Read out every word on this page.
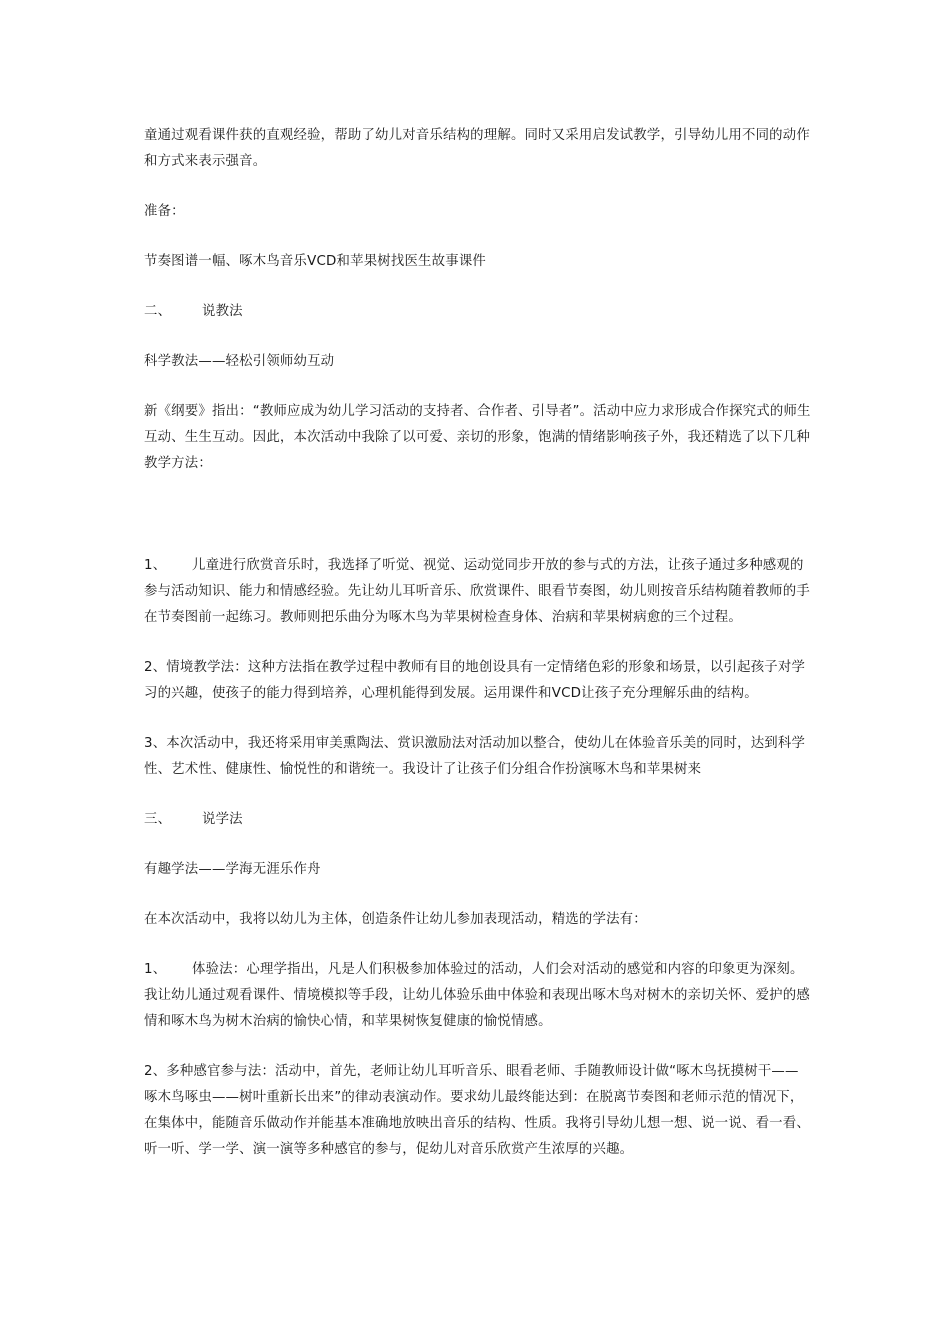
童通过观看课件获的直观经验，帮助了幼儿对音乐结构的理解。同时又采用启发试教学，引导幼儿用不同的动作和方式来表示强音。

准备：

节奏图谱一幅、啄木鸟音乐VCD和苹果树找医生故事课件

二、 说教法

科学教法——轻松引领师幼互动

新《纲要》指出：“教师应成为幼儿学习活动的支持者、合作者、引导者”。活动中应力求形成合作探究式的师生互动、生生互动。因此，本次活动中我除了以可爱、亲切的形象，饱满的情绪影响孩子外，我还精选了以下几种教学方法：

1、 儿童进行欣赏音乐时，我选择了听觉、视觉、运动觉同步开放的参与式的方法，让孩子通过多种感观的参与活动知识、能力和情感经验。先让幼儿耳听音乐、欣赏课件、眼看节奏图，幼儿则按音乐结构随着教师的手在节奏图前一起练习。教师则把乐曲分为啄木鸟为苹果树检查身体、治病和苹果树病愈的三个过程。

2、情境教学法：这种方法指在教学过程中教师有目的地创设具有一定情绪色彩的形象和场景，以引起孩子对学习的兴趣，使孩子的能力得到培养，心理机能得到发展。运用课件和VCD让孩子充分理解乐曲的结构。

3、本次活动中，我还将采用审美熏陶法、赏识激励法对活动加以整合，使幼儿在体验音乐美的同时，达到科学性、艺术性、健康性、愉悦性的和谐统一。我设计了让孩子们分组合作扮演啄木鸟和苹果树来

三、 说学法

有趣学法——学海无涯乐作舟

在本次活动中，我将以幼儿为主体，创造条件让幼儿参加表现活动，精选的学法有：

1、 体验法：心理学指出，凡是人们积极参加体验过的活动，人们会对活动的感觉和内容的印象更为深刻。我让幼儿通过观看课件、情境模拟等手段，让幼儿体验乐曲中体验和表现出啄木鸟对树木的亲切关怀、爱护的感情和啄木鸟为树木治病的愉快心情，和苹果树恢复健康的愉悦情感。

2、多种感官参与法：活动中，首先，老师让幼儿耳听音乐、眼看老师、手随教师设计做“啄木鸟抚摸树干——啄木鸟啄虫——树叶重新长出来”的律动表演动作。要求幼儿最终能达到：在脱离节奏图和老师示范的情况下，在集体中，能随音乐做动作并能基本准确地放映出音乐的结构、性质。我将引导幼儿想一想、说一说、看一看、听一听、学一学、演一演等多种感官的参与，促幼儿对音乐欣赏产生浓厚的兴趣。
